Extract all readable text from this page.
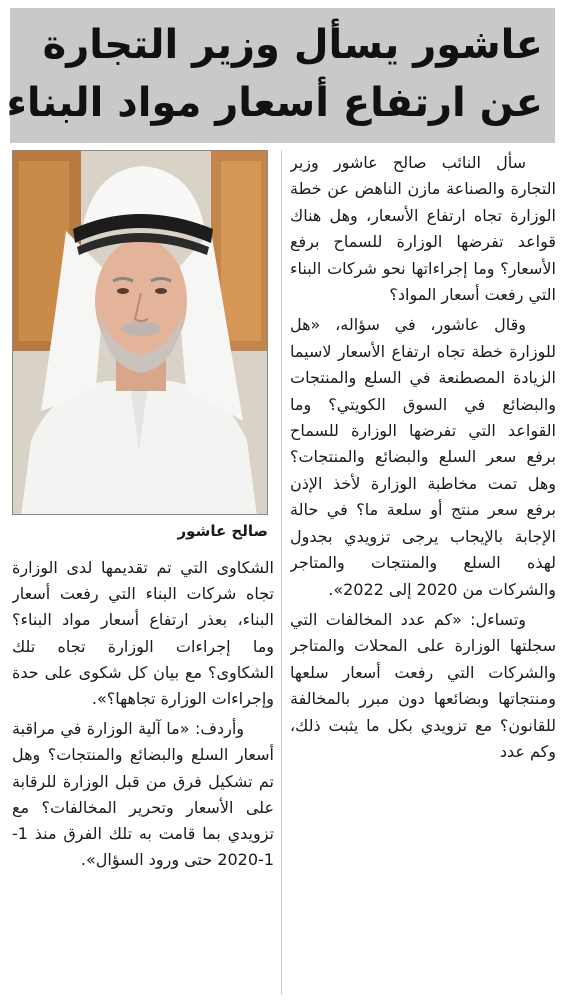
عاشور يسأل وزير التجارة
عن ارتفاع أسعار مواد البناء
صالح عاشور

سأل النائب صالح عاشور وزير التجارة والصناعة مازن الناهض عن خطة الوزارة تجاه ارتفاع الأسعار، وهل هناك قواعد تفرضها الوزارة للسماح برفع الأسعار؟ وما إجراءاتها نحو شركات البناء التي رفعت أسعار المواد؟

وقال عاشور، في سؤاله، «هل للوزارة خطة تجاه ارتفاع الأسعار لاسيما الزيادة المصطنعة في السلع والمنتجات والبضائع في السوق الكويتي؟ وما القواعد التي تفرضها الوزارة للسماح برفع سعر السلع والبضائع والمنتجات؟ وهل تمت مخاطبة الوزارة لأخذ الإذن برفع سعر منتج أو سلعة ما؟ في حالة الإجابة بالإيجاب يرجى تزويدي بجدول لهذه السلع والمنتجات والمتاجر والشركات من 2020 إلى 2022».

وتساءل: «كم عدد المخالفات التي سجلتها الوزارة على المحلات والمتاجر والشركات التي رفعت أسعار سلعها ومنتجاتها وبضائعها دون مبرر بالمخالفة للقانون؟ مع تزويدي بكل ما يثبت ذلك، وكم عدد

الشكاوى التي تم تقديمها لدى الوزارة تجاه شركات البناء التي رفعت أسعار البناء، بعذر ارتفاع أسعار مواد البناء؟ وما إجراءات الوزارة تجاه تلك الشكاوى؟ مع بيان كل شكوى على حدة وإجراءات الوزارة تجاهها؟».

وأردف: «ما آلية الوزارة في مراقبة أسعار السلع والبضائع والمنتجات؟ وهل تم تشكيل فرق من قبل الوزارة للرقابة على الأسعار وتحرير المخالفات؟ مع تزويدي بما قامت به تلك الفرق منذ 1-1-2020 حتى ورود السؤال».
